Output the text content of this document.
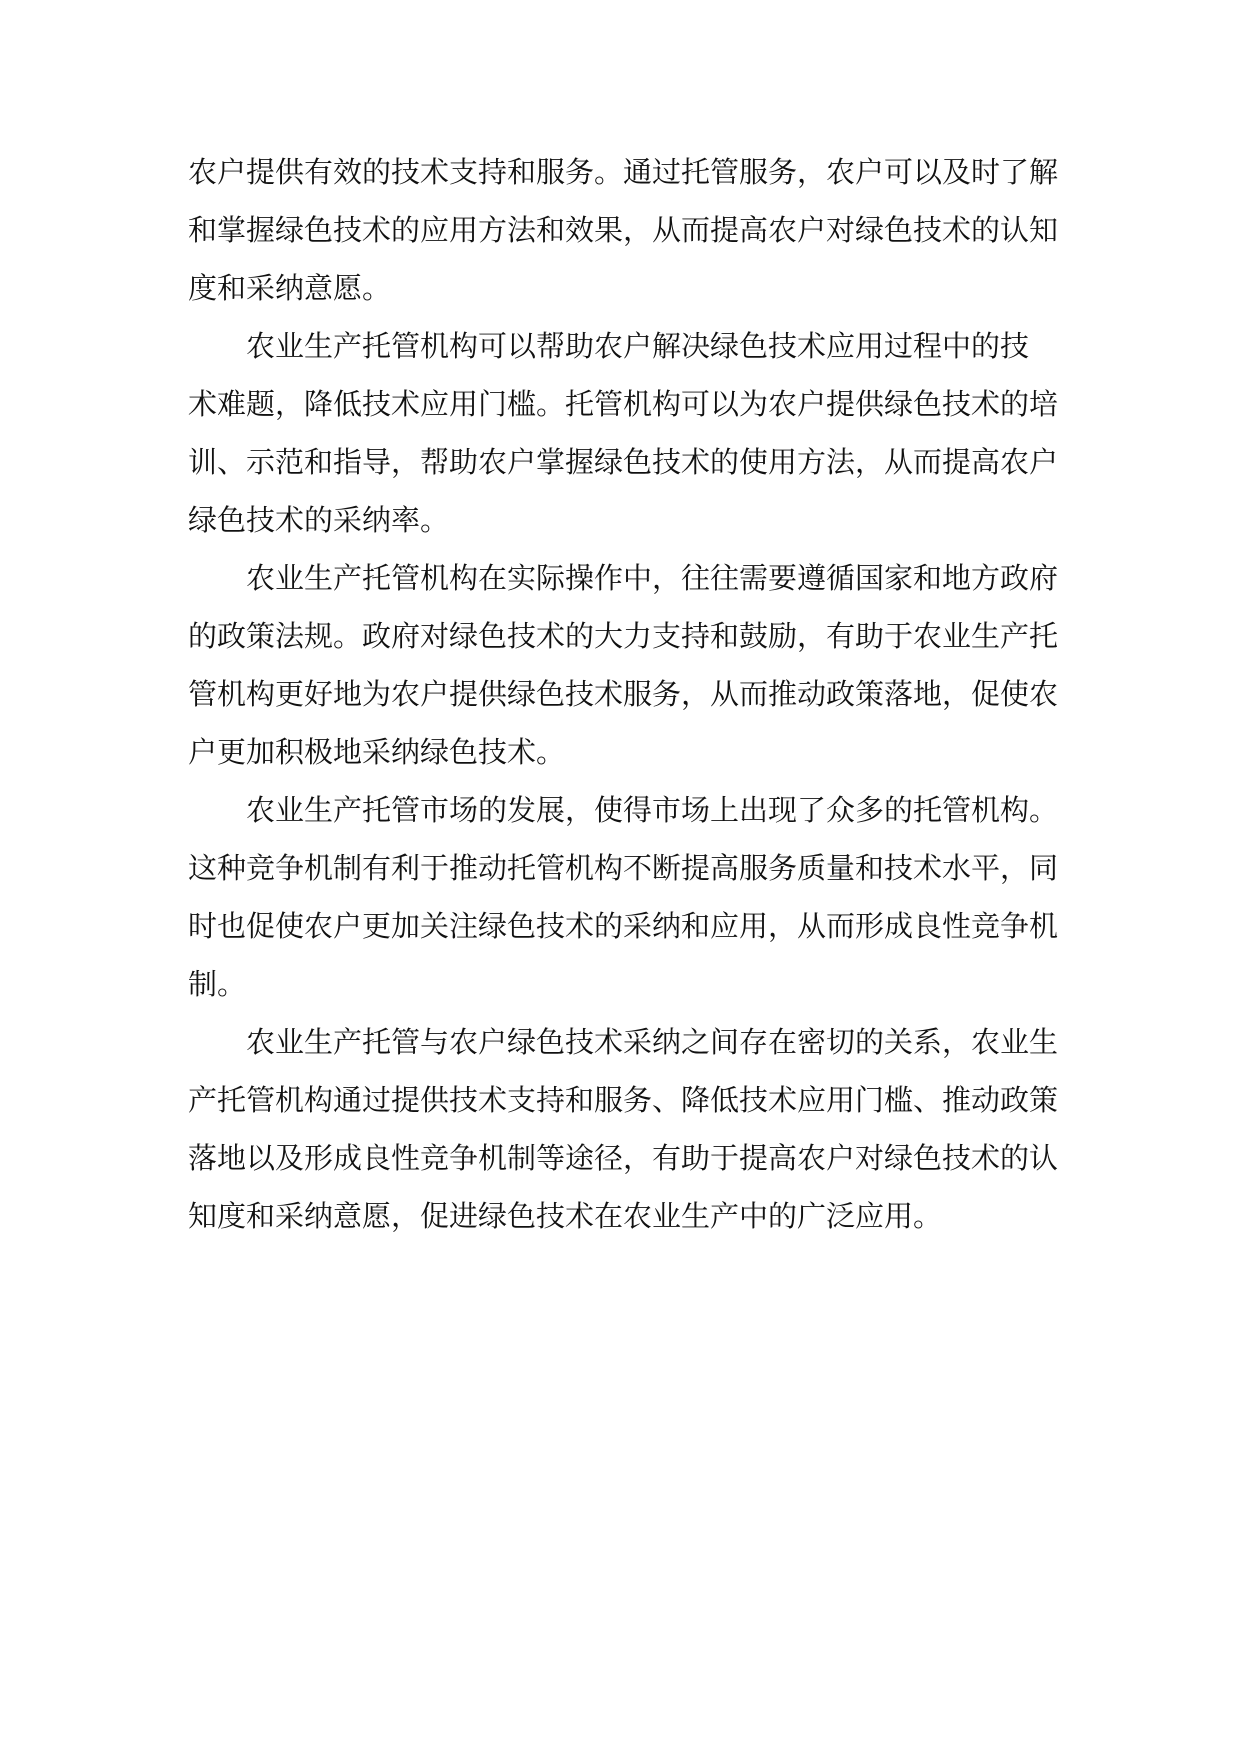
农户提供有效的技术支持和服务。通过托管服务，农户可以及时了解
和掌握绿色技术的应用方法和效果，从而提高农户对绿色技术的认知
度和采纳意愿。
农业生产托管机构可以帮助农户解决绿色技术应用过程中的技
术难题，降低技术应用门槛。托管机构可以为农户提供绿色技术的培
训、示范和指导，帮助农户掌握绿色技术的使用方法，从而提高农户
绿色技术的采纳率。
农业生产托管机构在实际操作中，往往需要遵循国家和地方政府
的政策法规。政府对绿色技术的大力支持和鼓励，有助于农业生产托
管机构更好地为农户提供绿色技术服务，从而推动政策落地，促使农
户更加积极地采纳绿色技术。
农业生产托管市场的发展，使得市场上出现了众多的托管机构。
这种竞争机制有利于推动托管机构不断提高服务质量和技术水平，同
时也促使农户更加关注绿色技术的采纳和应用，从而形成良性竞争机
制。
农业生产托管与农户绿色技术采纳之间存在密切的关系，农业生
产托管机构通过提供技术支持和服务、降低技术应用门槛、推动政策
落地以及形成良性竞争机制等途径，有助于提高农户对绿色技术的认
知度和采纳意愿，促进绿色技术在农业生产中的广泛应用。
